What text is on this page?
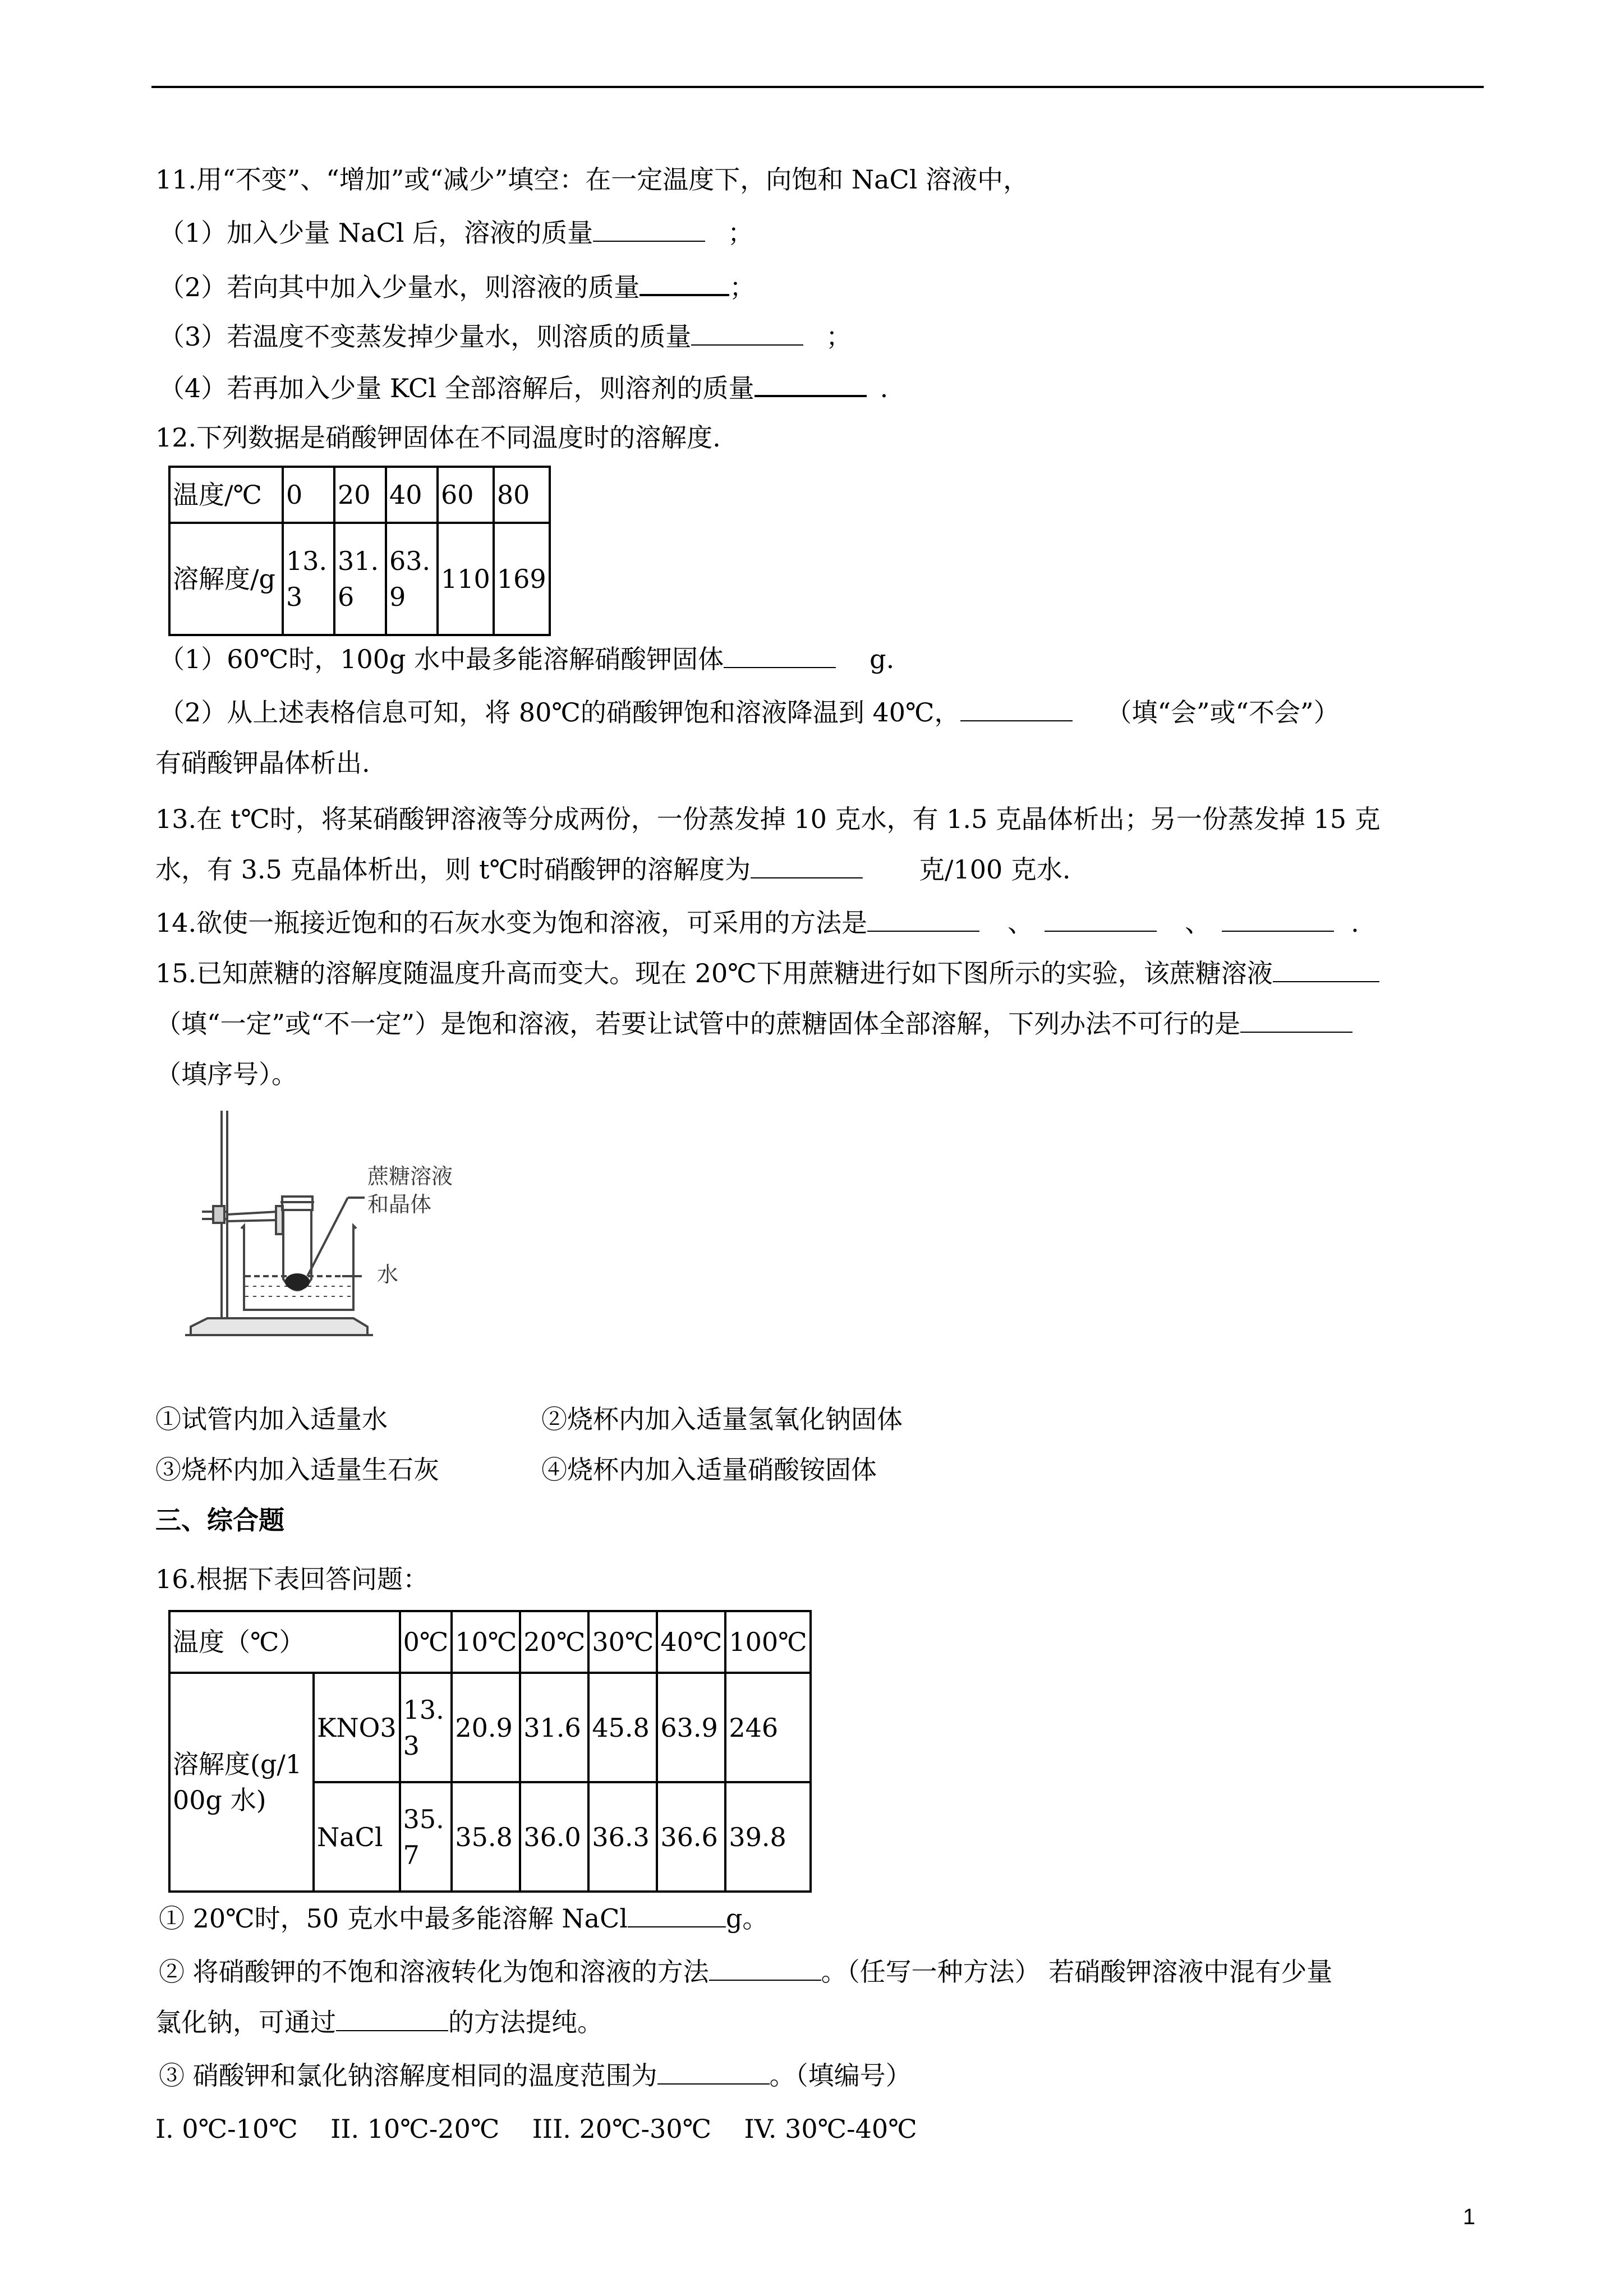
11.用“不变”、“增加”或“减少”填空：在一定温度下，向饱和 NaCl 溶液中，
（1）加入少量 NaCl 后，溶液的质量	；
（2）若向其中加入少量水，则溶液的质量	；
（3）若温度不变蒸发掉少量水，则溶质的质量	；
（4）若再加入少量 KCl 全部溶解后，则溶剂的质量	.
12.下列数据是硝酸钾固体在不同温度时的溶解度.
温度/℃	0	20	40	60	80
溶解度/g	13.3	31.6	63.9	110	169
（1）60℃时，100g 水中最多能溶解硝酸钾固体	g.
（2）从上述表格信息可知，将 80℃的硝酸钾饱和溶液降温到 40℃，	（填“会”或“不会”）
有硝酸钾晶体析出.
13.在 t℃时，将某硝酸钾溶液等分成两份，一份蒸发掉 10 克水，有 1.5 克晶体析出；另一份蒸发掉 15 克
水，有 3.5 克晶体析出，则 t℃时硝酸钾的溶解度为	克/100 克水.
14.欲使一瓶接近饱和的石灰水变为饱和溶液，可采用的方法是	、	、	.
15.已知蔗糖的溶解度随温度升高而变大。现在 20℃下用蔗糖进行如下图所示的实验，该蔗糖溶液
（填“一定”或“不一定”）是饱和溶液，若要让试管中的蔗糖固体全部溶解，下列办法不可行的是
（填序号）。
蔗糖溶液
和晶体
水
①试管内加入适量水	②烧杯内加入适量氢氧化钠固体
③烧杯内加入适量生石灰	④烧杯内加入适量硝酸铵固体
三、综合题
16.根据下表回答问题：
温度（℃）		0℃	10℃	20℃	30℃	40℃	100℃
溶解度(g/100g 水)	KNO3	13.3	20.9	31.6	45.8	63.9	246
	NaCl	35.7	35.8	36.0	36.3	36.6	39.8
① 20℃时，50 克水中最多能溶解 NaCl	g。
② 将硝酸钾的不饱和溶液转化为饱和溶液的方法	。（任写一种方法） 若硝酸钾溶液中混有少量
氯化钠，可通过	的方法提纯。
③ 硝酸钾和氯化钠溶解度相同的温度范围为	。（填编号）
I. 0℃-10℃    II. 10℃-20℃    III. 20℃-30℃    IV. 30℃-40℃
1
